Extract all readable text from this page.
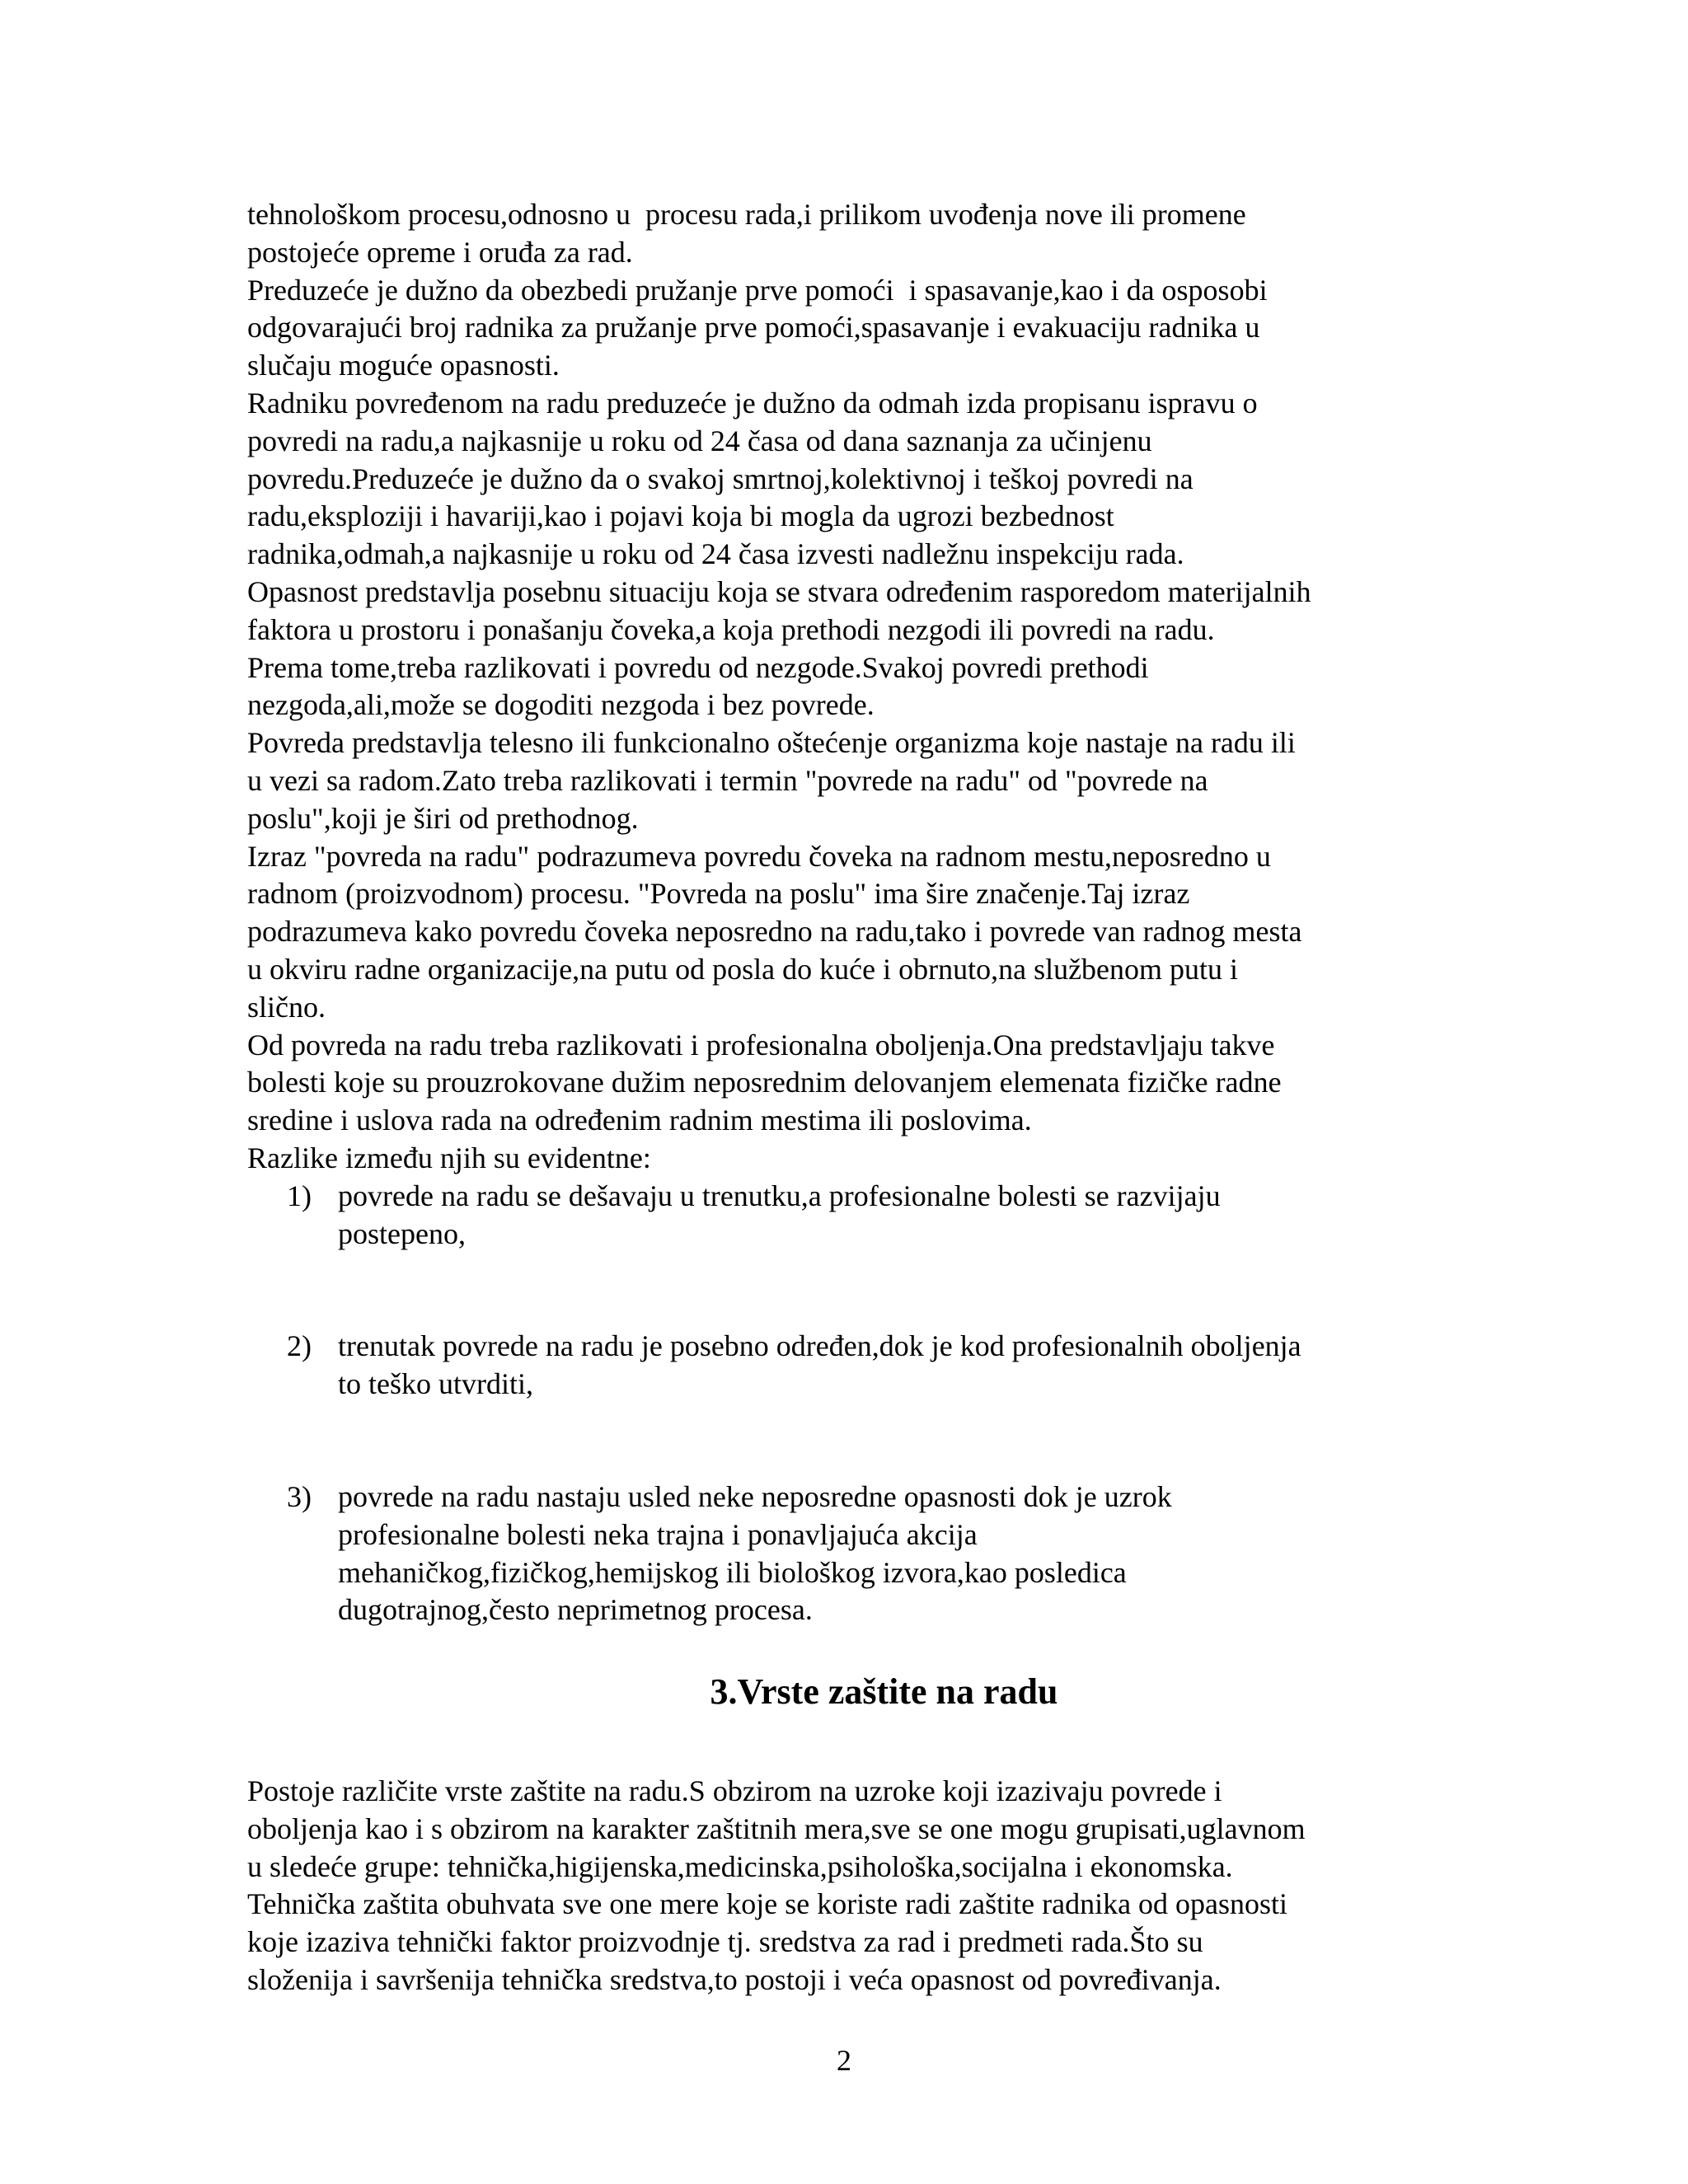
tehnološkom procesu,odnosno u  procesu rada,i prilikom uvođenja nove ili promene
postojeće opreme i oruđa za rad.
Preduzeće je dužno da obezbedi pružanje prve pomoći  i spasavanje,kao i da osposobi
odgovarajući broj radnika za pružanje prve pomoći,spasavanje i evakuaciju radnika u
slučaju moguće opasnosti.
Radniku povređenom na radu preduzeće je dužno da odmah izda propisanu ispravu o
povredi na radu,a najkasnije u roku od 24 časa od dana saznanja za učinjenu
povredu.Preduzeće je dužno da o svakoj smrtnoj,kolektivnoj i teškoj povredi na
radu,eksploziji i havariji,kao i pojavi koja bi mogla da ugrozi bezbednost
radnika,odmah,a najkasnije u roku od 24 časa izvesti nadležnu inspekciju rada.
Opasnost predstavlja posebnu situaciju koja se stvara određenim rasporedom materijalnih
faktora u prostoru i ponašanju čoveka,a koja prethodi nezgodi ili povredi na radu.
Prema tome,treba razlikovati i povredu od nezgode.Svakoj povredi prethodi
nezgoda,ali,može se dogoditi nezgoda i bez povrede.
Povreda predstavlja telesno ili funkcionalno oštećenje organizma koje nastaje na radu ili
u vezi sa radom.Zato treba razlikovati i termin "povrede na radu" od "povrede na
poslu",koji je širi od prethodnog.
Izraz "povreda na radu" podrazumeva povredu čoveka na radnom mestu,neposredno u
radnom (proizvodnom) procesu. "Povreda na poslu" ima šire značenje.Taj izraz
podrazumeva kako povredu čoveka neposredno na radu,tako i povrede van radnog mesta
u okviru radne organizacije,na putu od posla do kuće i obrnuto,na službenom putu i
slično.
Od povreda na radu treba razlikovati i profesionalna oboljenja.Ona predstavljaju takve
bolesti koje su prouzrokovane dužim neposrednim delovanjem elemenata fizičke radne
sredine i uslova rada na određenim radnim mestima ili poslovima.
Razlike između njih su evidentne:

1) povrede na radu se dešavaju u trenutku,a profesionalne bolesti se razvijaju
postepeno,
2) trenutak povrede na radu je posebno određen,dok je kod profesionalnih oboljenja
to teško utvrditi,
3) povrede na radu nastaju usled neke neposredne opasnosti dok je uzrok
profesionalne bolesti neka trajna i ponavljajuća akcija
mehaničkog,fizičkog,hemijskog ili biološkog izvora,kao posledica
dugotrajnog,često neprimetnog procesa.
3.Vrste zaštite na radu

Postoje različite vrste zaštite na radu.S obzirom na uzroke koji izazivaju povrede i
oboljenja kao i s obzirom na karakter zaštitnih mera,sve se one mogu grupisati,uglavnom
u sledeće grupe: tehnička,higijenska,medicinska,psihološka,socijalna i ekonomska.
Tehnička zaštita obuhvata sve one mere koje se koriste radi zaštite radnika od opasnosti
koje izaziva tehnički faktor proizvodnje tj. sredstva za rad i predmeti rada.Što su
složenija i savršenija tehnička sredstva,to postoji i veća opasnost od povređivanja.

2
